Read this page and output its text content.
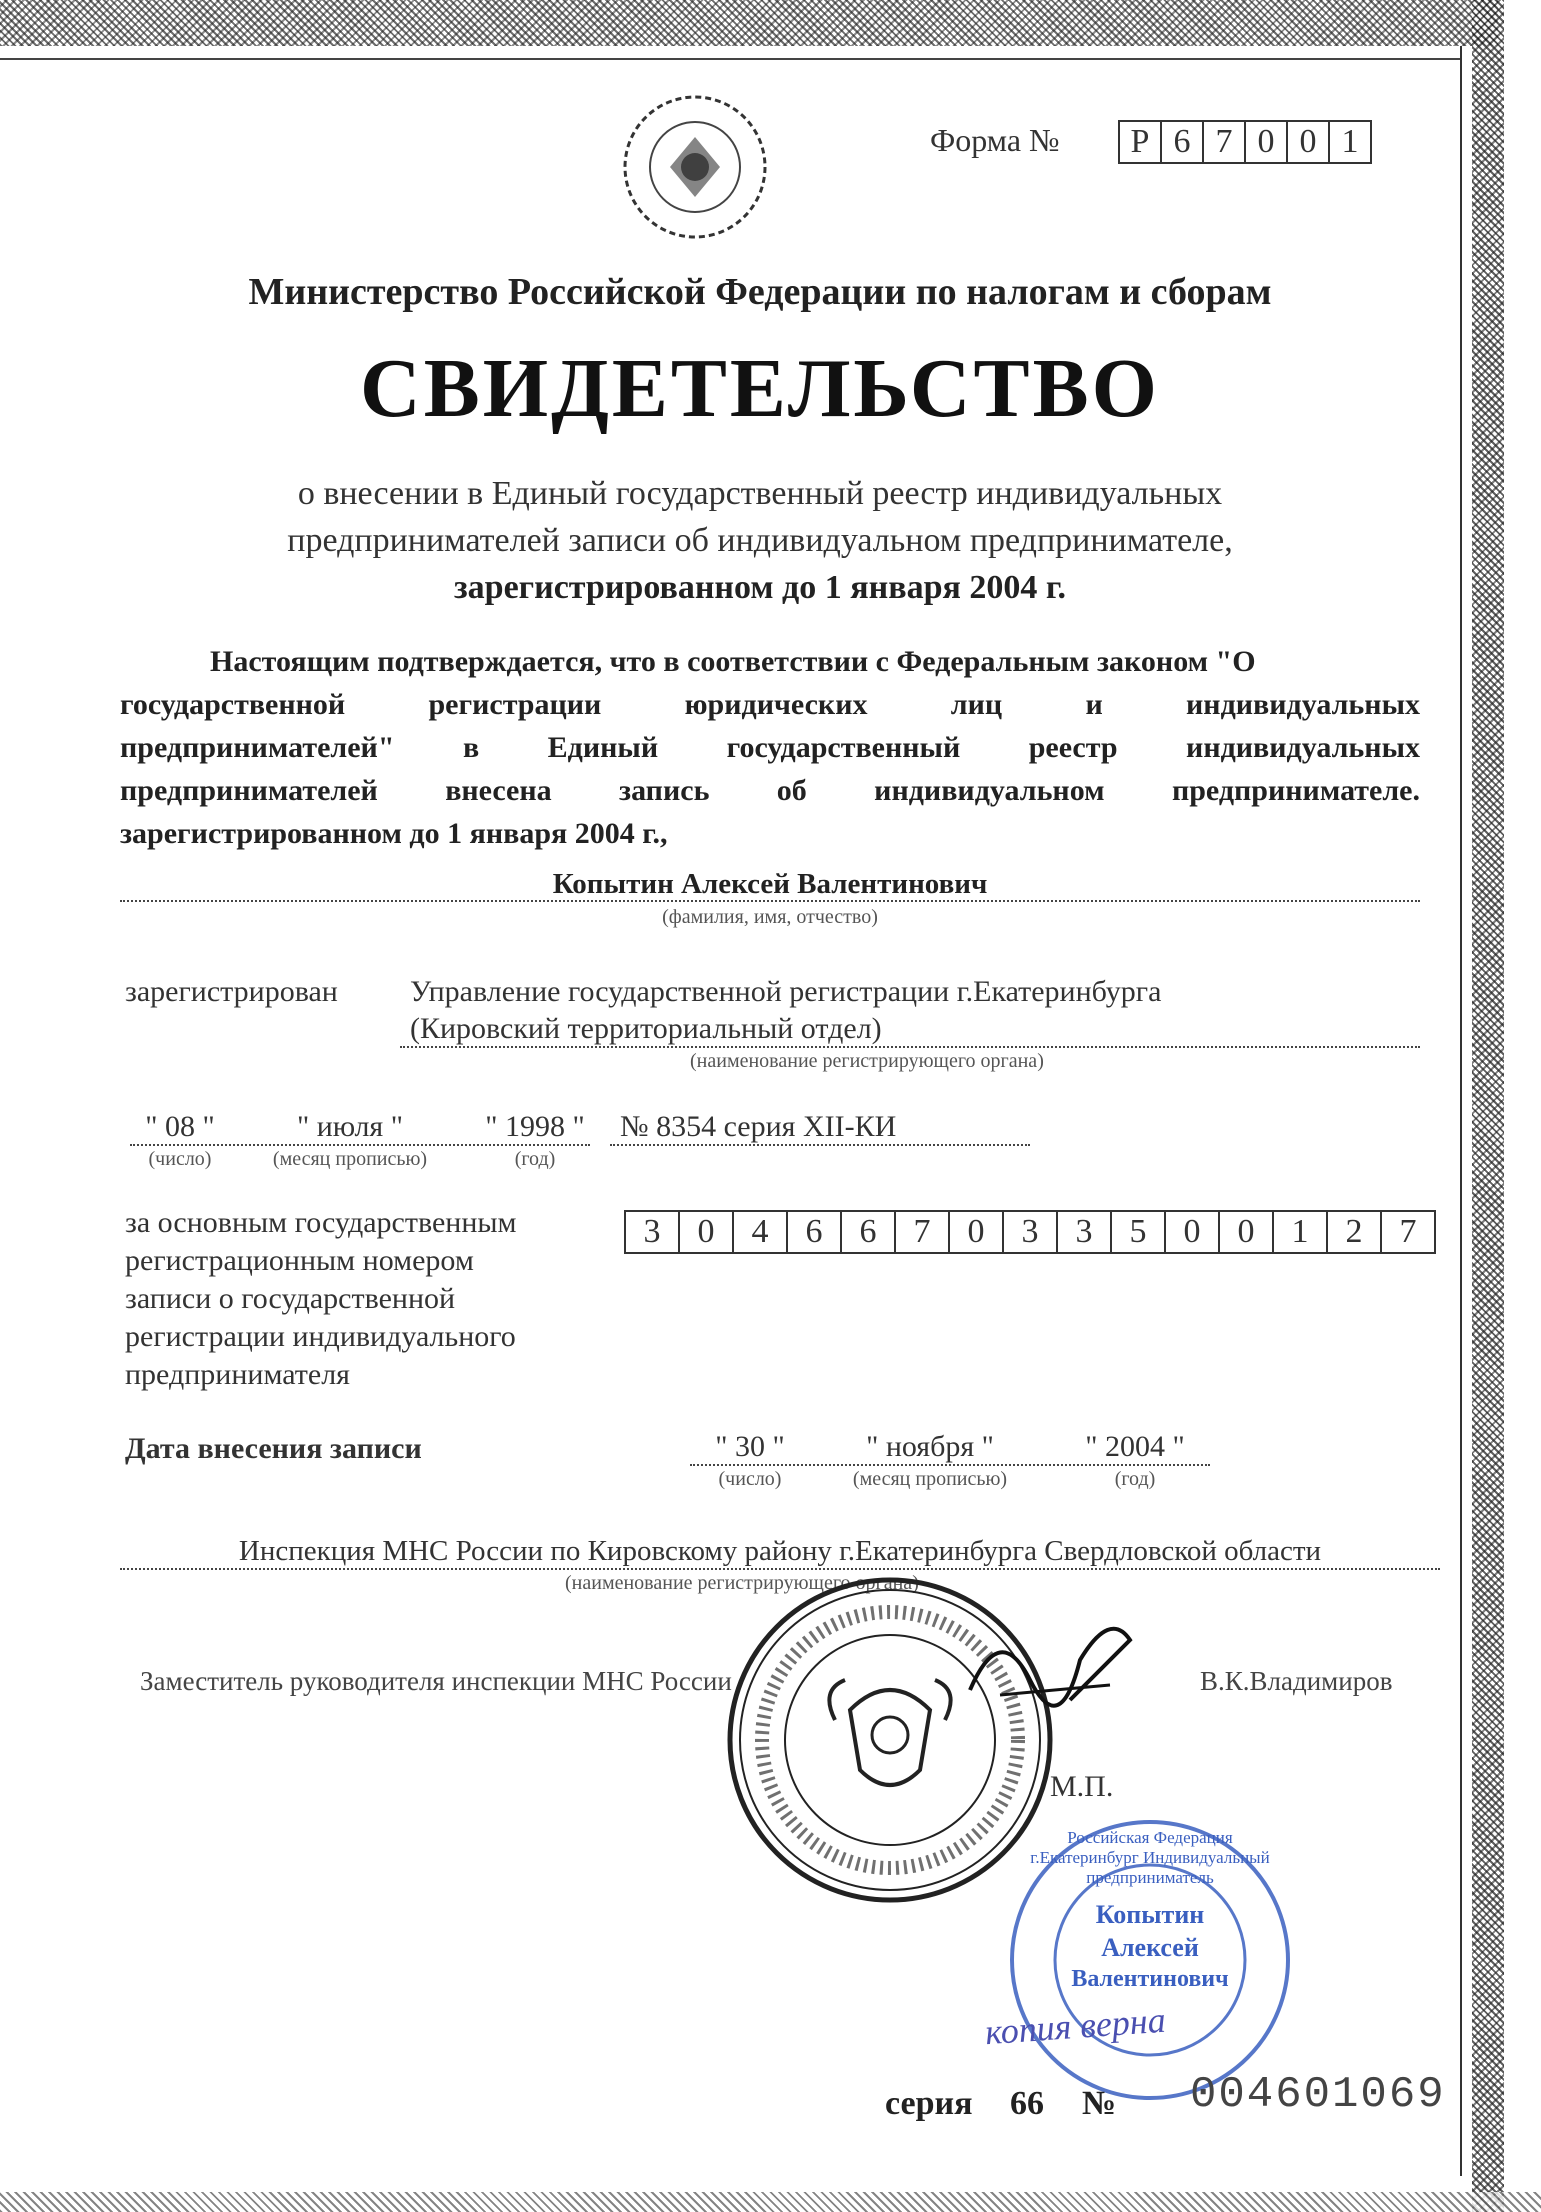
Форма №	Р 6 7 0 0 1
Министерство Российской Федерации по налогам и сборам
СВИДЕТЕЛЬСТВО
о внесении в Единый государственный реестр индивидуальных
предпринимателей записи об индивидуальном предпринимателе,
зарегистрированном до 1 января 2004 г.
Настоящим подтверждается, что в соответствии с Федеральным законом "О
государственной регистрации юридических лиц и индивидуальных
предпринимателей" в Единый государственный реестр индивидуальных
предпринимателей внесена запись об индивидуальном предпринимателе.
зарегистрированном до 1 января 2004 г.,
Копытин Алексей Валентинович
(фамилия, имя, отчество)
зарегистрирован Управление государственной регистрации г.Екатеринбурга
(Кировский территориальный отдел)
(наименование регистрирующего органа)
" 08 "	" июля "	" 1998 " № 8354 серия XII-КИ
(число)	(месяц прописью)	(год)
за основным государственным
регистрационным номером
записи о государственной
регистрации индивидуального
предпринимателя
3	0	4	6	6	7	0	3	3	5	0	0	1	2	7
Дата внесения записи	" 30 "	" ноября "	" 2004 "
(число)	(месяц прописью)	(год)
Инспекция МНС России по Кировскому району г.Екатеринбурга Свердловской области
(наименование регистрирующего органа)
Заместитель руководителя инспекции МНС России	В.К.Владимиров
М.П.
Российская Федерация г.Екатеринбург Индивидуальный предприниматель
Копытин
Алексей
Валентинович
копия верна
серия 66 № 004601069
